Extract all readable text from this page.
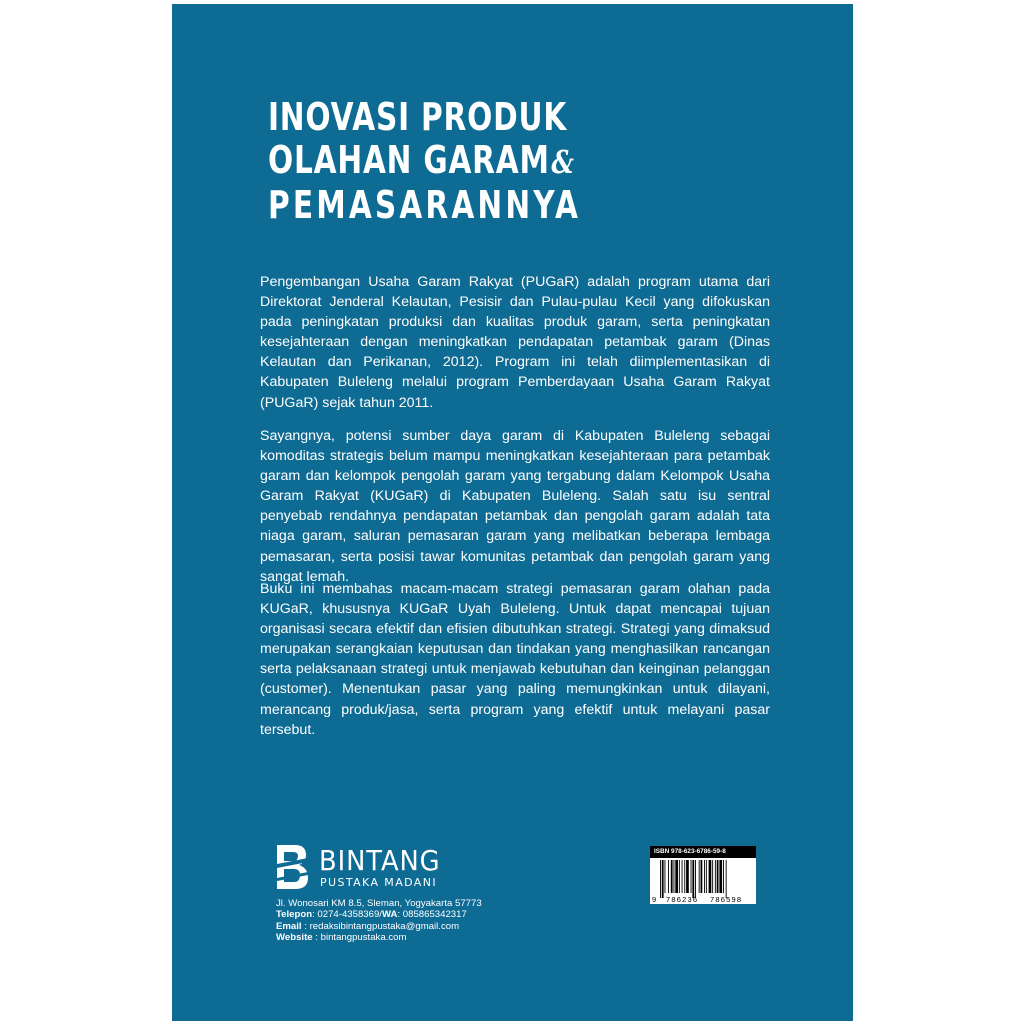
INOVASI PRODUK
OLAHAN GARAM&
PEMASARANNYA

Pengembangan Usaha Garam Rakyat (PUGaR) adalah program utama dari Direktorat Jenderal Kelautan, Pesisir dan Pulau-pulau Kecil yang difokuskan pada peningkatan produksi dan kualitas produk garam, serta peningkatan kesejahteraan dengan meningkatkan pendapatan petambak garam (Dinas Kelautan dan Perikanan, 2012). Program ini telah diimplementasikan di Kabupaten Buleleng melalui program Pemberdayaan Usaha Garam Rakyat (PUGaR) sejak tahun 2011.

Sayangnya, potensi sumber daya garam di Kabupaten Buleleng sebagai komoditas strategis belum mampu meningkatkan kesejahteraan para petambak garam dan kelompok pengolah garam yang tergabung dalam Kelompok Usaha Garam Rakyat (KUGaR) di Kabupaten Buleleng. Salah satu isu sentral penyebab rendahnya pendapatan petambak dan pengolah garam adalah tata niaga garam, saluran pemasaran garam yang melibatkan beberapa lembaga pemasaran, serta posisi tawar komunitas petambak dan pengolah garam yang sangat lemah.

Buku ini membahas macam-macam strategi pemasaran garam olahan pada KUGaR, khususnya KUGaR Uyah Buleleng. Untuk dapat mencapai tujuan organisasi secara efektif dan efisien dibutuhkan strategi. Strategi yang dimaksud merupakan serangkaian keputusan dan tindakan yang menghasilkan rancangan serta pelaksanaan strategi untuk menjawab kebutuhan dan keinginan pelanggan (customer). Menentukan pasar yang paling memungkinkan untuk dilayani, merancang produk/jasa, serta program yang efektif untuk melayani pasar tersebut.

BINTANG
PUSTAKA MADANI
Jl. Wonosari KM 8.5, Sleman, Yogyakarta 57773
Telepon: 0274-4358369/WA: 085865342317
Email : redaksibintangpustaka@gmail.com
Website : bintangpustaka.com
ISBN 978-623-6786-59-8
9 786236 786598
